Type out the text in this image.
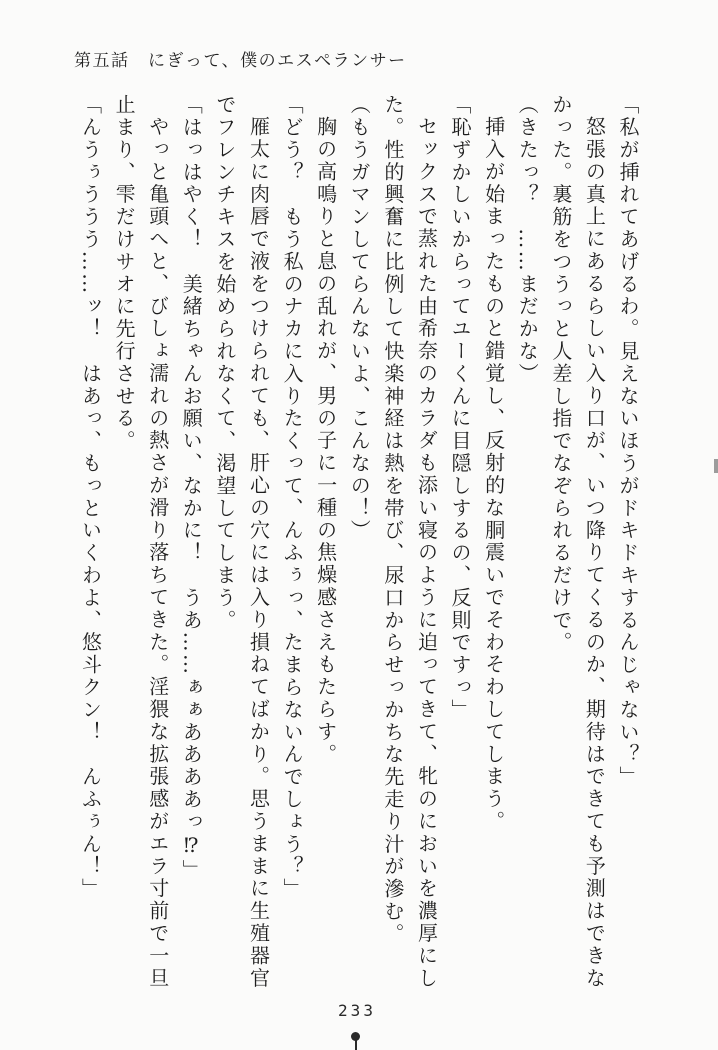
第五話　にぎって、僕のエスペランサー

「私が挿れてあげるわ。見えないほうがドキドキするんじゃない？」

怒張の真上にあるらしい入り口が、いつ降りてくるのか、期待はできても予測はできな

かった。裏筋をつうっと人差し指でなぞられるだけで。

（きたっ？　……まだかな）

挿入が始まったものと錯覚し、反射的な胴震いでそわそわしてしまう。

「恥ずかしいからってユーくんに目隠しするの、反則ですっ」

セックスで蒸れた由希奈のカラダも添い寝のように迫ってきて、牝のにおいを濃厚にし

た。性的興奮に比例して快楽神経は熱を帯び、尿口からせっかちな先走り汁が滲む。

（もうガマンしてらんないよ、こんなの！）

胸の高鳴りと息の乱れが、男の子に一種の焦燥感さえもたらす。

「どう？　もう私のナカに入りたくって、んふぅっ、たまらないんでしょう？」

雁太に肉唇で液をつけられても、肝心の穴には入り損ねてばかり。思うままに生殖器官

でフレンチキスを始められなくて、渇望してしまう。

「はっはやく！　美緒ちゃんお願い、なかに！　うあ……ぁぁああああっ⁉」

やっと亀頭へと、びしょ濡れの熱さが滑り落ちてきた。淫猥な拡張感がエラ寸前で一旦

止まり、雫だけサオに先行させる。

「んうぅううう……ッ！　はあっ、もっといくわよ、悠斗クン！　んふぅん！」

233
